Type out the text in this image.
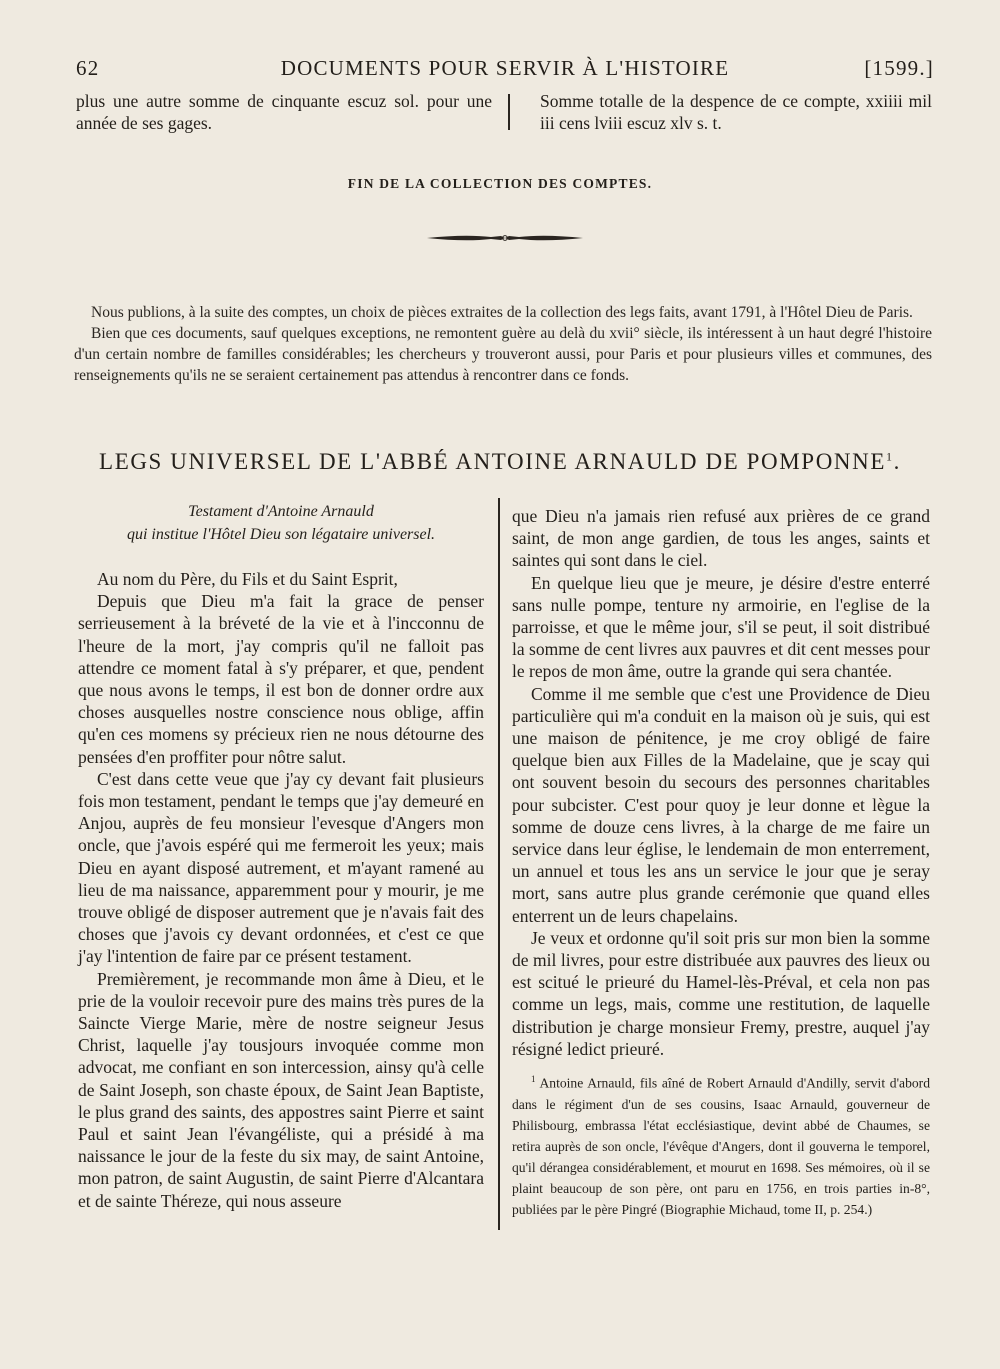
62	DOCUMENTS POUR SERVIR À L'HISTOIRE	[1599.]

plus une autre somme de cinquante escuz sol. pour une année de ses gages.

Somme totalle de la despence de ce compte, xxiiii mil iii cens lviii escuz xlv s. t.

FIN DE LA COLLECTION DES COMPTES.

Nous publions, à la suite des comptes, un choix de pièces extraites de la collection des legs faits, avant 1791, à l'Hôtel Dieu de Paris.

Bien que ces documents, sauf quelques exceptions, ne remontent guère au delà du xvii° siècle, ils intéressent à un haut degré l'histoire d'un certain nombre de familles considérables; les chercheurs y trouveront aussi, pour Paris et pour plusieurs villes et communes, des renseignements qu'ils ne se seraient certainement pas attendus à rencontrer dans ce fonds.

LEGS UNIVERSEL DE L'ABBÉ ANTOINE ARNAULD DE POMPONNE$^1$.
Testament d'Antoine Arnauld
qui institue l'Hôtel Dieu son légataire universel.

Au nom du Père, du Fils et du Saint Esprit,

Depuis que Dieu m'a fait la grace de penser serrieusement à la bréveté de la vie et à l'incconnu de l'heure de la mort, j'ay compris qu'il ne falloit pas attendre ce moment fatal à s'y préparer, et que, pendent que nous avons le temps, il est bon de donner ordre aux choses ausquelles nostre conscience nous oblige, affin qu'en ces momens sy précieux rien ne nous détourne des pensées d'en proffiter pour nôtre salut.

C'est dans cette veue que j'ay cy devant fait plusieurs fois mon testament, pendant le temps que j'ay demeuré en Anjou, auprès de feu monsieur l'evesque d'Angers mon oncle, que j'avois espéré qui me fermeroit les yeux; mais Dieu en ayant disposé autrement, et m'ayant ramené au lieu de ma naissance, apparemment pour y mourir, je me trouve obligé de disposer autrement que je n'avais fait des choses que j'avois cy devant ordonnées, et c'est ce que j'ay l'intention de faire par ce présent testament.

Premièrement, je recommande mon âme à Dieu, et le prie de la vouloir recevoir pure des mains très pures de la Saincte Vierge Marie, mère de nostre seigneur Jesus Christ, laquelle j'ay tousjours invoquée comme mon advocat, me confiant en son intercession, ainsy qu'à celle de Saint Joseph, son chaste époux, de Saint Jean Baptiste, le plus grand des saints, des appostres saint Pierre et saint Paul et saint Jean l'évangéliste, qui a présidé à ma naissance le jour de la feste du six may, de saint Antoine, mon patron, de saint Augustin, de saint Pierre d'Alcantara et de sainte Théreze, qui nous asseure

que Dieu n'a jamais rien refusé aux prières de ce grand saint, de mon ange gardien, de tous les anges, saints et saintes qui sont dans le ciel.

En quelque lieu que je meure, je désire d'estre enterré sans nulle pompe, tenture ny armoirie, en l'eglise de la parroisse, et que le même jour, s'il se peut, il soit distribué la somme de cent livres aux pauvres et dit cent messes pour le repos de mon âme, outre la grande qui sera chantée.

Comme il me semble que c'est une Providence de Dieu particulière qui m'a conduit en la maison où je suis, qui est une maison de pénitence, je me croy obligé de faire quelque bien aux Filles de la Madelaine, que je scay qui ont souvent besoin du secours des personnes charitables pour subcister. C'est pour quoy je leur donne et lègue la somme de douze cens livres, à la charge de me faire un service dans leur église, le lendemain de mon enterrement, un annuel et tous les ans un service le jour que je seray mort, sans autre plus grande cerémonie que quand elles enterrent un de leurs chapelains.

Je veux et ordonne qu'il soit pris sur mon bien la somme de mil livres, pour estre distribuée aux pauvres des lieux ou est scitué le prieuré du Hamel-lès-Préval, et cela non pas comme un legs, mais, comme une restitution, de laquelle distribution je charge monsieur Fremy, prestre, auquel j'ay résigné ledict prieuré.

$^1$ Antoine Arnauld, fils aîné de Robert Arnauld d'Andilly, servit d'abord dans le régiment d'un de ses cousins, Isaac Arnauld, gouverneur de Philisbourg, embrassa l'état ecclésiastique, devint abbé de Chaumes, se retira auprès de son oncle, l'évêque d'Angers, dont il gouverna le temporel, qu'il dérangea considérablement, et mourut en 1698. Ses mémoires, où il se plaint beaucoup de son père, ont paru en 1756, en trois parties in-8°, publiées par le père Pingré (Biographie Michaud, tome II, p. 254.)
